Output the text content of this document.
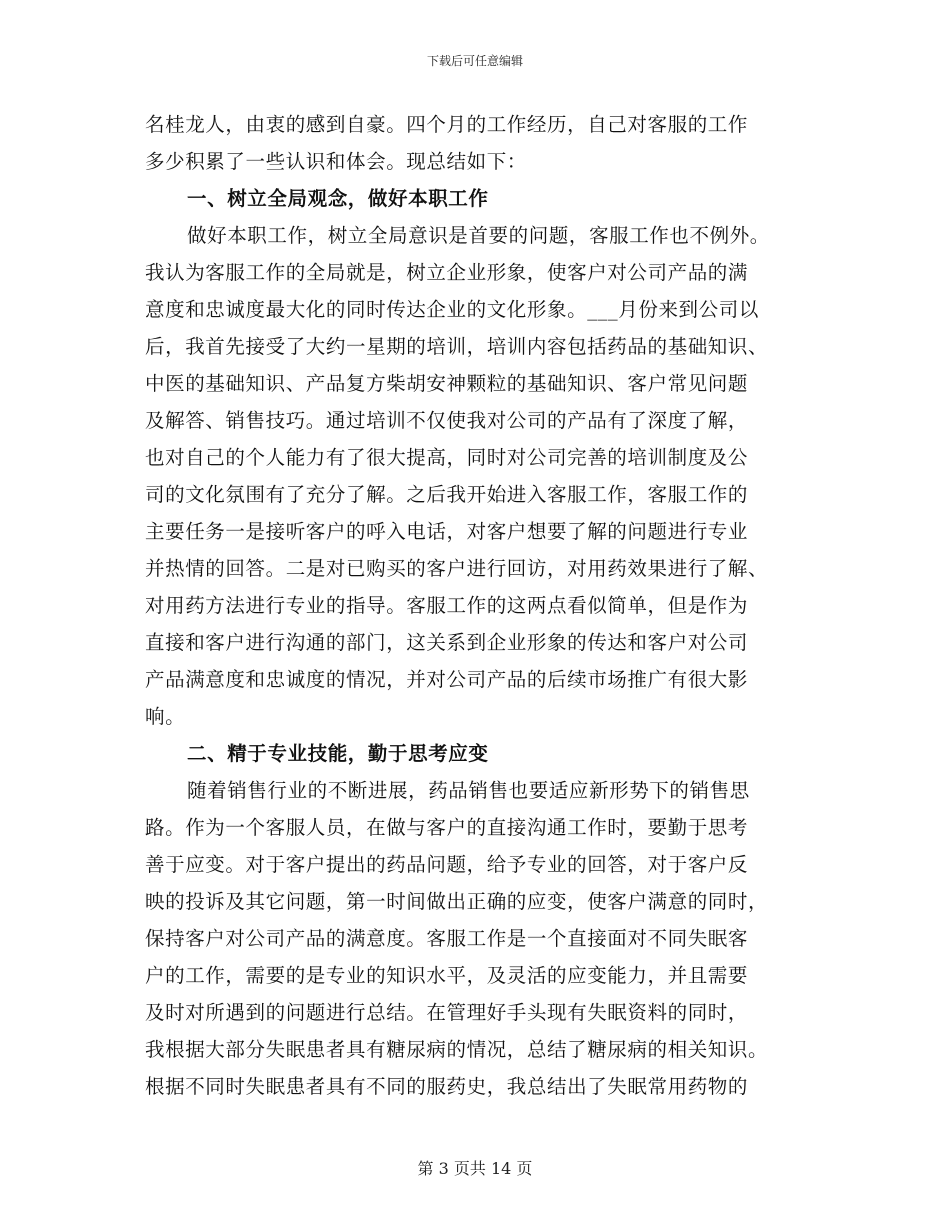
下载后可任意编辑
名桂龙人，由衷的感到自豪。四个月的工作经历，自己对客服的工作
多少积累了一些认识和体会。现总结如下：
一、树立全局观念，做好本职工作
做好本职工作，树立全局意识是首要的问题，客服工作也不例外。
我认为客服工作的全局就是，树立企业形象，使客户对公司产品的满
意度和忠诚度最大化的同时传达企业的文化形象。___月份来到公司以
后，我首先接受了大约一星期的培训，培训内容包括药品的基础知识、
中医的基础知识、产品复方柴胡安神颗粒的基础知识、客户常见问题
及解答、销售技巧。通过培训不仅使我对公司的产品有了深度了解，
也对自己的个人能力有了很大提高，同时对公司完善的培训制度及公
司的文化氛围有了充分了解。之后我开始进入客服工作，客服工作的
主要任务一是接听客户的呼入电话，对客户想要了解的问题进行专业
并热情的回答。二是对已购买的客户进行回访，对用药效果进行了解、
对用药方法进行专业的指导。客服工作的这两点看似简单，但是作为
直接和客户进行沟通的部门，这关系到企业形象的传达和客户对公司
产品满意度和忠诚度的情况，并对公司产品的后续市场推广有很大影
响。
二、精于专业技能，勤于思考应变
随着销售行业的不断进展，药品销售也要适应新形势下的销售思
路。作为一个客服人员，在做与客户的直接沟通工作时，要勤于思考
善于应变。对于客户提出的药品问题，给予专业的回答，对于客户反
映的投诉及其它问题，第一时间做出正确的应变，使客户满意的同时，
保持客户对公司产品的满意度。客服工作是一个直接面对不同失眠客
户的工作，需要的是专业的知识水平，及灵活的应变能力，并且需要
及时对所遇到的问题进行总结。在管理好手头现有失眠资料的同时，
我根据大部分失眠患者具有糖尿病的情况，总结了糖尿病的相关知识。
根据不同时失眠患者具有不同的服药史，我总结出了失眠常用药物的
第 3 页共 14 页
